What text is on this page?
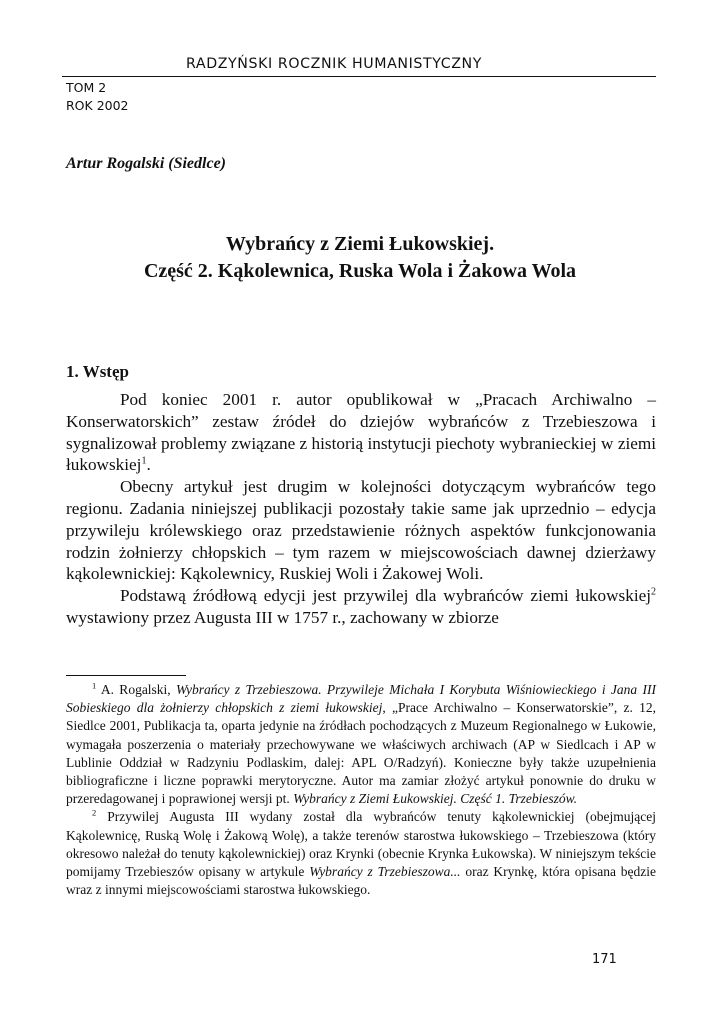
RADZYŃSKI ROCZNIK HUMANISTYCZNY
TOM 2
ROK 2002
Artur Rogalski (Siedlce)
Wybrańcy z Ziemi Łukowskiej.
Część 2. Kąkolewnica, Ruska Wola i Żakowa Wola
1. Wstęp

Pod koniec 2001 r. autor opublikował w „Pracach Archiwalno – Konserwatorskich” zestaw źródeł do dziejów wybrańców z Trzebieszowa i sygnalizował problemy związane z historią instytucji piechoty wybranieckiej w ziemi łukowskiej$^1$.

Obecny artykuł jest drugim w kolejności dotyczącym wybrańców tego regionu. Zadania niniejszej publikacji pozostały takie same jak uprzednio – edycja przywileju królewskiego oraz przedstawienie różnych aspektów funkcjonowania rodzin żołnierzy chłopskich – tym razem w miejscowościach dawnej dzierżawy kąkolewnickiej: Kąkolewnicy, Ruskiej Woli i Żakowej Woli.

Podstawą źródłową edycji jest przywilej dla wybrańców ziemi łukowskiej$^2$ wystawiony przez Augusta III w 1757 r., zachowany w zbiorze

$^1$ A. Rogalski, Wybrańcy z Trzebieszowa. Przywileje Michała I Korybuta Wiśniowieckiego i Jana III Sobieskiego dla żołnierzy chłopskich z ziemi łukowskiej, „Prace Archiwalno – Konserwatorskie”, z. 12, Siedlce 2001, Publikacja ta, oparta jedynie na źródłach pochodzących z Muzeum Regionalnego w Łukowie, wymagała poszerzenia o materiały przechowywane we właściwych archiwach (AP w Siedlcach i AP w Lublinie Oddział w Radzyniu Podlaskim, dalej: APL O/Radzyń). Konieczne były także uzupełnienia bibliograficzne i liczne poprawki merytoryczne. Autor ma zamiar złożyć artykuł ponownie do druku w przeredagowanej i poprawionej wersji pt. Wybrańcy z Ziemi Łukowskiej. Część 1. Trzebieszów.

$^2$ Przywilej Augusta III wydany został dla wybrańców tenuty kąkolewnickiej (obejmującej Kąkolewnicę, Ruską Wolę i Żakową Wolę), a także terenów starostwa łukowskiego – Trzebieszowa (który okresowo należał do tenuty kąkolewnickiej) oraz Krynki (obecnie Krynka Łukowska). W niniejszym tekście pomijamy Trzebieszów opisany w artykule Wybrańcy z Trzebieszowa... oraz Krynkę, która opisana będzie wraz z innymi miejscowościami starostwa łukowskiego.

171
